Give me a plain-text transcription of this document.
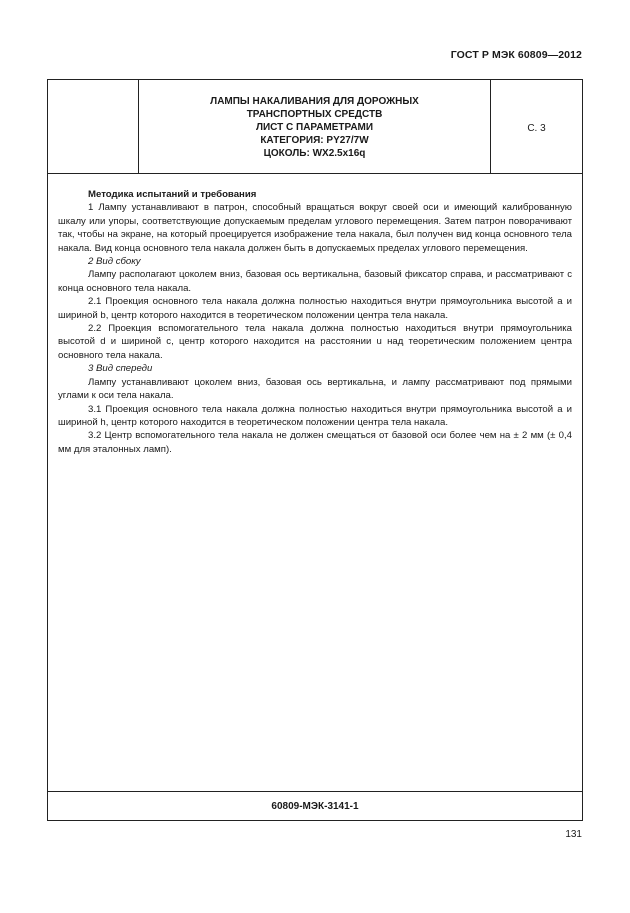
ГОСТ Р МЭК 60809—2012
ЛАМПЫ НАКАЛИВАНИЯ ДЛЯ ДОРОЖНЫХ
ТРАНСПОРТНЫХ СРЕДСТВ
ЛИСТ С ПАРАМЕТРАМИ
КАТЕГОРИЯ: PY27/7W
ЦОКОЛЬ: WX2.5x16q
С. 3

Методика испытаний и требования

1 Лампу устанавливают в патрон, способный вращаться вокруг своей оси и имеющий калиброванную шкалу или упоры, соответствующие допускаемым пределам углового перемещения. Затем патрон поворачивают так, чтобы на экране, на который проецируется изображение тела накала, был получен вид конца основного тела накала. Вид конца основного тела накала должен быть в допускаемых пределах углового перемещения.

2 Вид сбоку

Лампу располагают цоколем вниз, базовая ось вертикальна, базовый фиксатор справа, и рассматривают с конца основного тела накала.

2.1 Проекция основного тела накала должна полностью находиться внутри прямоугольника высотой a и шириной b, центр которого находится в теоретическом положении центра тела накала.

2.2 Проекция вспомогательного тела накала должна полностью находиться внутри прямоугольника высотой d и шириной c, центр которого находится на расстоянии u над теоретическим положением центра основного тела накала.

3 Вид спереди

Лампу устанавливают цоколем вниз, базовая ось вертикальна, и лампу рассматривают под прямыми углами к оси тела накала.

3.1 Проекция основного тела накала должна полностью находиться внутри прямоугольника высотой a и шириной h, центр которого находится в теоретическом положении центра тела накала.

3.2 Центр вспомогательного тела накала не должен смещаться от базовой оси более чем на ± 2 мм (± 0,4 мм для эталонных ламп).

60809-МЭК-3141-1
131
